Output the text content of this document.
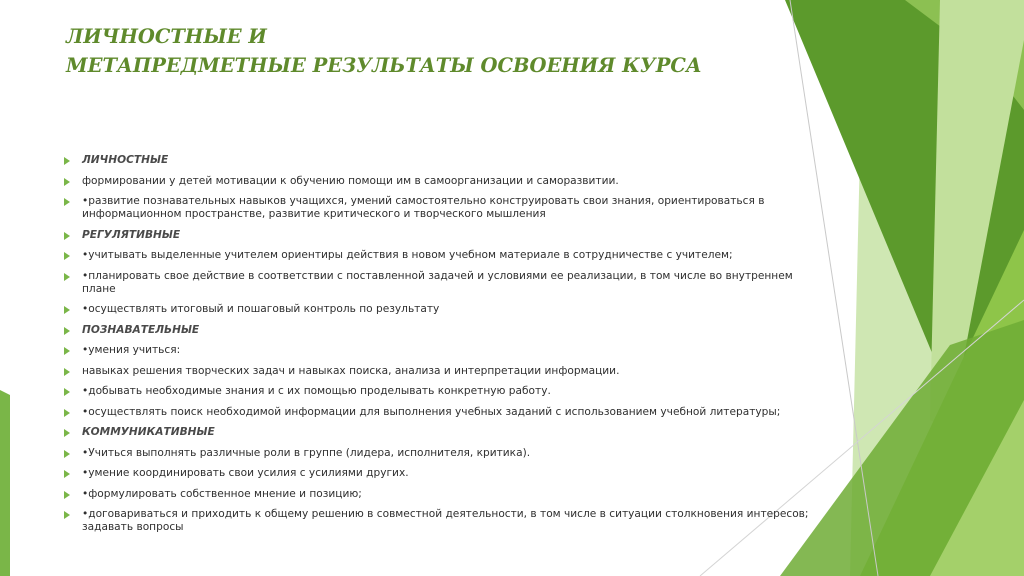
ЛИЧНОСТНЫЕ И
МЕТАПРЕДМЕТНЫЕ РЕЗУЛЬТАТЫ ОСВОЕНИЯ КУРСА
ЛИЧНОСТНЫЕ
формировании у детей мотивации к обучению помощи им в самоорганизации и саморазвитии.
•развитие познавательных навыков учащихся, умений самостоятельно конструировать свои знания, ориентироваться в информационном пространстве, развитие критического и творческого мышления
РЕГУЛЯТИВНЫЕ
•учитывать выделенные учителем ориентиры действия в новом учебном материале в сотрудничестве с учителем;
•планировать свое действие в соответствии с поставленной задачей и условиями ее реализации, в том числе во внутреннем плане
•осуществлять итоговый и пошаговый контроль по результату
ПОЗНАВАТЕЛЬНЫЕ
•умения учиться:
навыках решения творческих задач и навыках поиска, анализа и интерпретации информации.
•добывать необходимые знания и с их помощью проделывать конкретную работу.
•осуществлять поиск необходимой информации для выполнения учебных заданий с использованием учебной литературы;
КОММУНИКАТИВНЫЕ
•Учиться выполнять различные роли в группе (лидера, исполнителя, критика).
•умение координировать свои усилия с усилиями других.
•формулировать собственное мнение и позицию;
•договариваться и приходить к общему решению в совместной деятельности, в том числе в ситуации столкновения интересов; задавать вопросы
